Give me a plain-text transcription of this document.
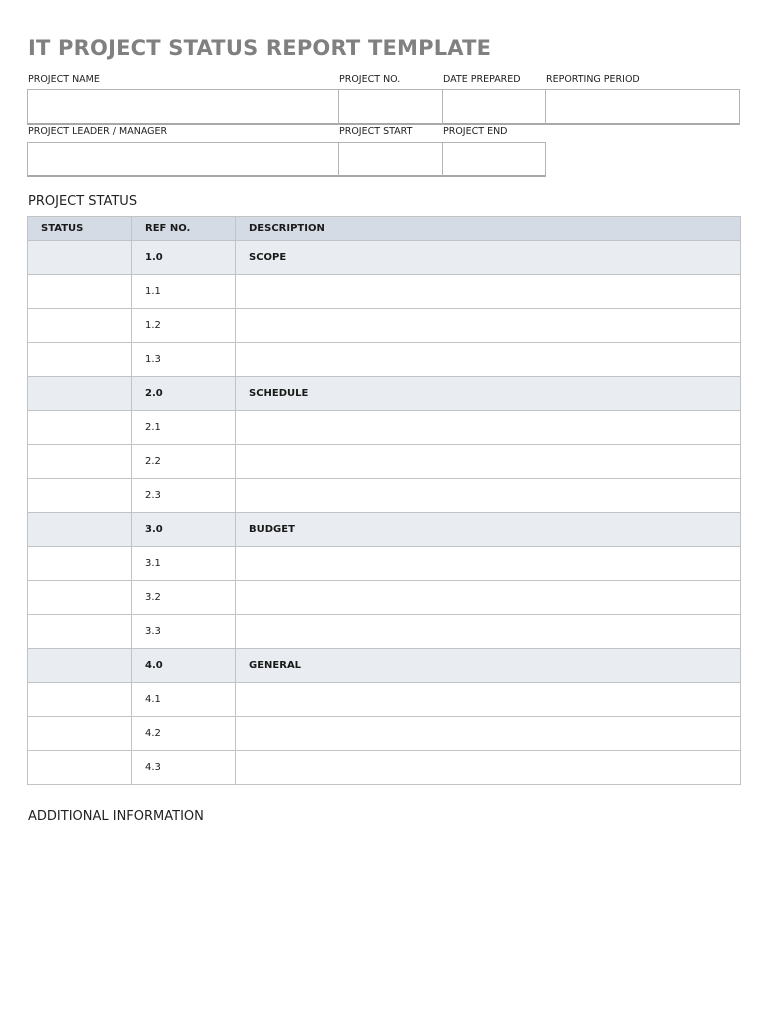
IT PROJECT STATUS REPORT TEMPLATE
PROJECT NAME	PROJECT NO.	DATE PREPARED	REPORTING PERIOD
PROJECT LEADER / MANAGER	PROJECT START	PROJECT END
PROJECT STATUS
STATUS	REF NO.	DESCRIPTION
	1.0	SCOPE
	1.1	
	1.2	
	1.3	
	2.0	SCHEDULE
	2.1	
	2.2	
	2.3	
	3.0	BUDGET
	3.1	
	3.2	
	3.3	
	4.0	GENERAL
	4.1	
	4.2	
	4.3	
ADDITIONAL INFORMATION
